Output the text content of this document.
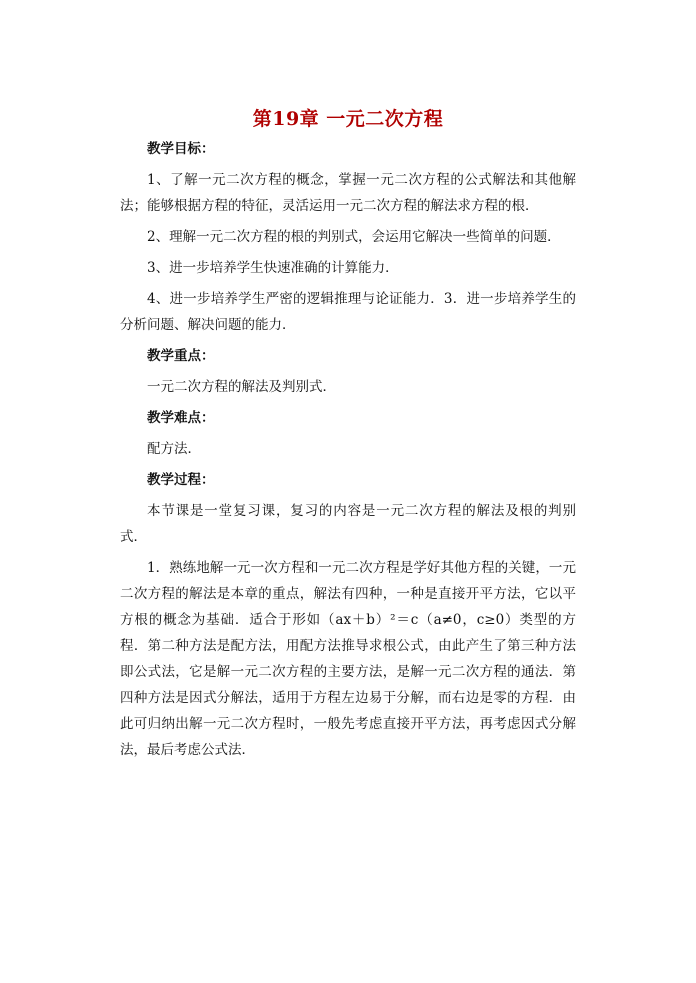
第19章 一元二次方程

教学目标：

1、了解一元二次方程的概念，掌握一元二次方程的公式解法和其他解法；能够根据方程的特征，灵活运用一元二次方程的解法求方程的根．

2、理解一元二次方程的根的判别式，会运用它解决一些简单的问题．

3、进一步培养学生快速准确的计算能力．

4、进一步培养学生严密的逻辑推理与论证能力．3．进一步培养学生的分析问题、解决问题的能力．

教学重点：

一元二次方程的解法及判别式．

教学难点：

配方法．

教学过程：

本节课是一堂复习课，复习的内容是一元二次方程的解法及根的判别式．

1．熟练地解一元一次方程和一元二次方程是学好其他方程的关键，一元二次方程的解法是本章的重点，解法有四种，一种是直接开平方法，它以平方根的概念为基础．适合于形如（ax＋b）²＝c（a≠0，c≥0）类型的方程．第二种方法是配方法，用配方法推导求根公式，由此产生了第三种方法即公式法，它是解一元二次方程的主要方法，是解一元二次方程的通法．第四种方法是因式分解法，适用于方程左边易于分解，而右边是零的方程．由此可归纳出解一元二次方程时，一般先考虑直接开平方法，再考虑因式分解法，最后考虑公式法．
